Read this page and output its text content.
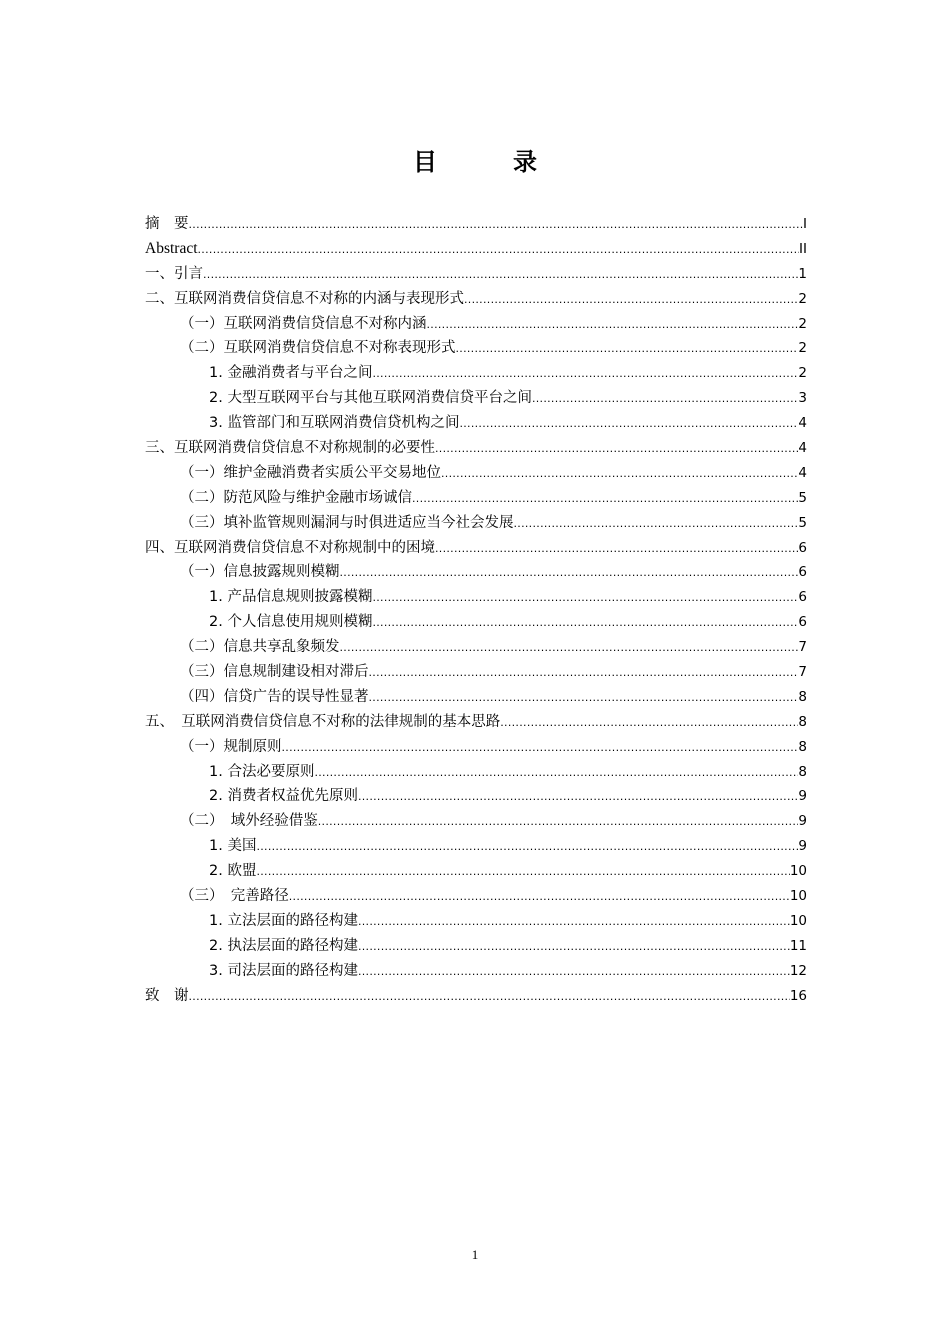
目　录
摘　要 .....	I
Abstract .....	II
一、引言 .....	1
二、互联网消费信贷信息不对称的内涵与表现形式 .....	2
（一）互联网消费信贷信息不对称内涵 .....	2
（二）互联网消费信贷信息不对称表现形式 .....	2
1. 金融消费者与平台之间 .....	2
2. 大型互联网平台与其他互联网消费信贷平台之间 .....	3
3. 监管部门和互联网消费信贷机构之间 .....	4
三、互联网消费信贷信息不对称规制的必要性 .....	4
（一）维护金融消费者实质公平交易地位 .....	4
（二）防范风险与维护金融市场诚信 .....	5
（三）填补监管规则漏洞与时俱进适应当今社会发展 .....	5
四、互联网消费信贷信息不对称规制中的困境 .....	6
（一）信息披露规则模糊 .....	6
1. 产品信息规则披露模糊 .....	6
2. 个人信息使用规则模糊 .....	6
（二）信息共享乱象频发 .....	7
（三）信息规制建设相对滞后 .....	7
（四）信贷广告的误导性显著 .....	8
五、　互联网消费信贷信息不对称的法律规制的基本思路 .....	8
（一）规制原则 .....	8
1. 合法必要原则 .....	8
2. 消费者权益优先原则 .....	9
（二）　域外经验借鉴 .....	9
1. 美国 .....	9
2. 欧盟 .....	10
（三）　完善路径 .....	10
1. 立法层面的路径构建 .....	10
2. 执法层面的路径构建 .....	11
3. 司法层面的路径构建 .....	12
致　谢 .....	16
1
